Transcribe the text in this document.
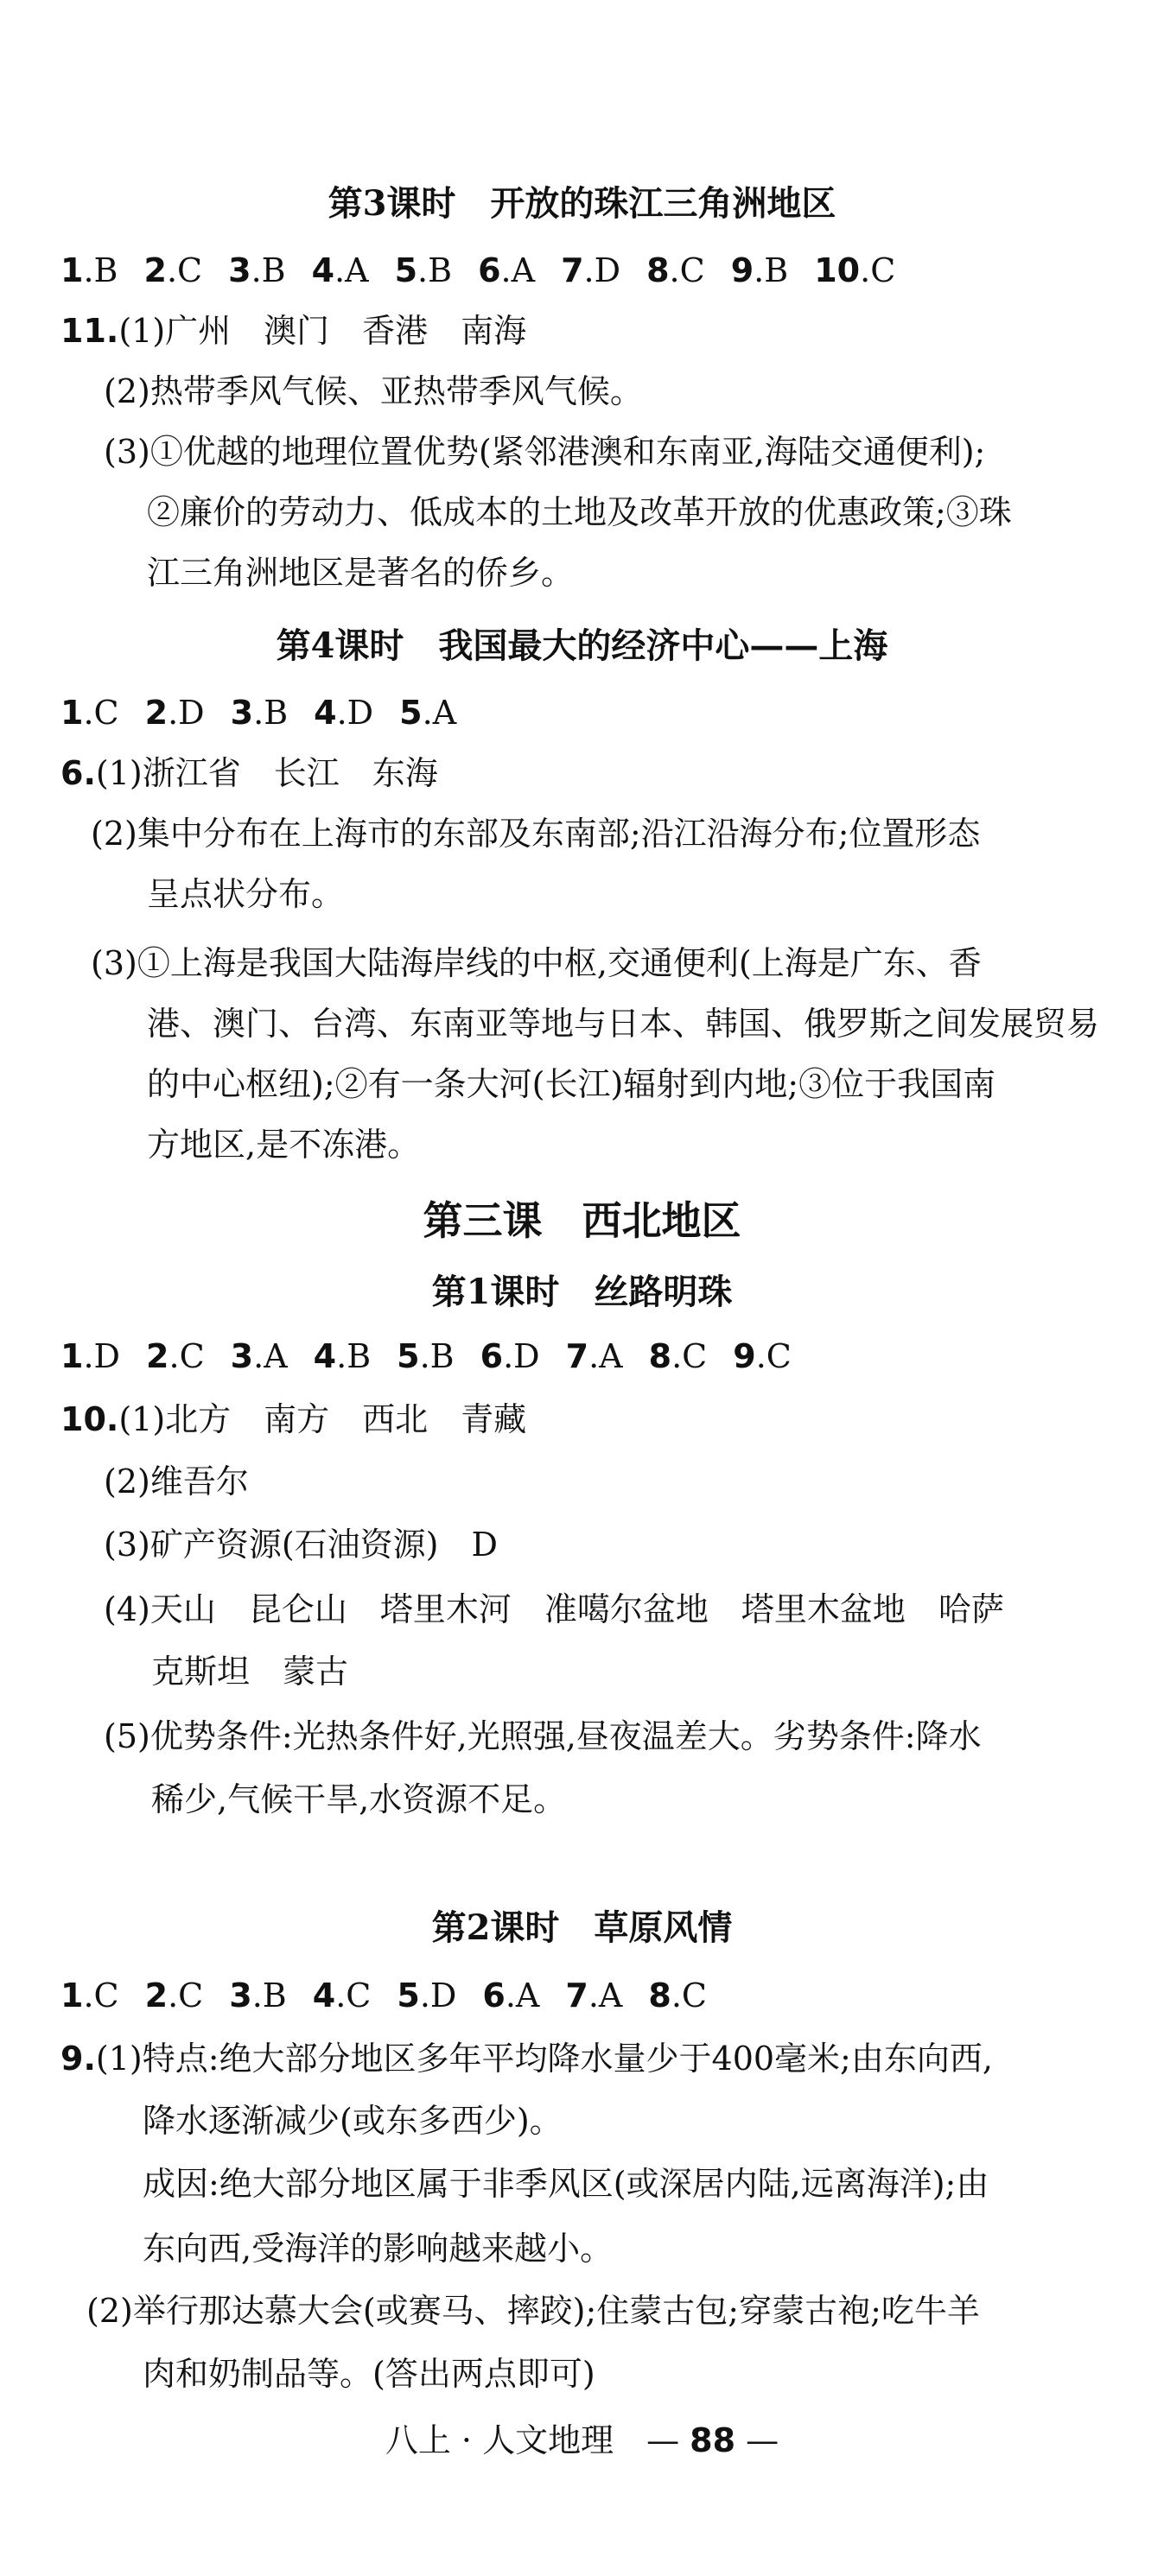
第3课时　开放的珠江三角洲地区
1.B 2.C 3.B 4.A 5.B 6.A 7.D 8.C 9.B 10.C
11.(1)广州　澳门　香港　南海
(2)热带季风气候、亚热带季风气候。
(3)①优越的地理位置优势(紧邻港澳和东南亚,海陆交通便利);
②廉价的劳动力、低成本的土地及改革开放的优惠政策;③珠
江三角洲地区是著名的侨乡。
第4课时　我国最大的经济中心——上海
1.C 2.D 3.B 4.D 5.A
6.(1)浙江省　长江　东海
(2)集中分布在上海市的东部及东南部;沿江沿海分布;位置形态
呈点状分布。
(3)①上海是我国大陆海岸线的中枢,交通便利(上海是广东、香
港、澳门、台湾、东南亚等地与日本、韩国、俄罗斯之间发展贸易
的中心枢纽);②有一条大河(长江)辐射到内地;③位于我国南
方地区,是不冻港。
第三课　西北地区
第1课时　丝路明珠
1.D 2.C 3.A 4.B 5.B 6.D 7.A 8.C 9.C
10.(1)北方　南方　西北　青藏
(2)维吾尔
(3)矿产资源(石油资源)　D
(4)天山　昆仑山　塔里木河　准噶尔盆地　塔里木盆地　哈萨
克斯坦　蒙古
(5)优势条件:光热条件好,光照强,昼夜温差大。劣势条件:降水
稀少,气候干旱,水资源不足。
第2课时　草原风情
1.C 2.C 3.B 4.C 5.D 6.A 7.A 8.C
9.(1)特点:绝大部分地区多年平均降水量少于400毫米;由东向西,
降水逐渐减少(或东多西少)。
成因:绝大部分地区属于非季风区(或深居内陆,远离海洋);由
东向西,受海洋的影响越来越小。
(2)举行那达慕大会(或赛马、摔跤);住蒙古包;穿蒙古袍;吃牛羊
肉和奶制品等。(答出两点即可)
八上 · 人文地理　— 88 —
